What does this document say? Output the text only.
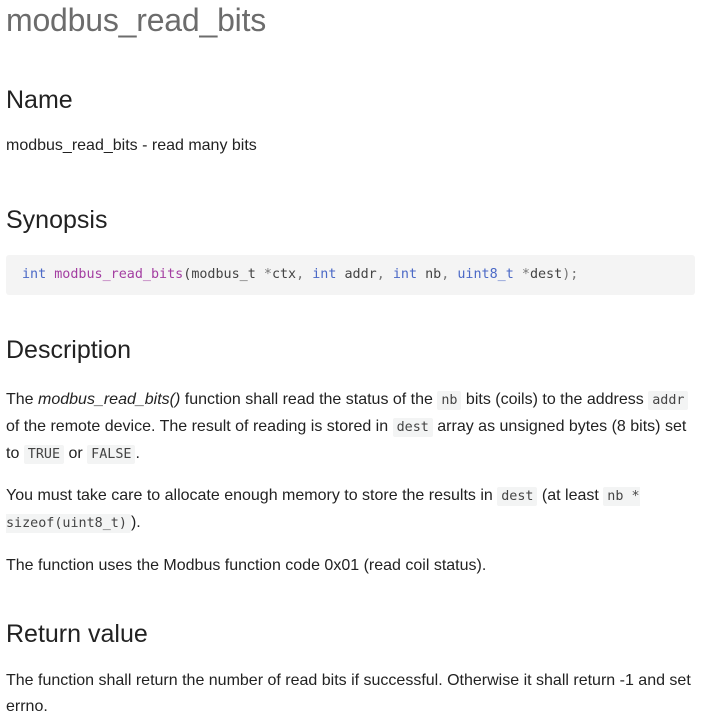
modbus_read_bits
Name

modbus_read_bits - read many bits

Synopsis
int modbus_read_bits(modbus_t *ctx, int addr, int nb, uint8_t *dest);
Description

The modbus_read_bits() function shall read the status of the nb bits (coils) to the address addr of the remote device. The result of reading is stored in dest array as unsigned bytes (8 bits) set to TRUE or FALSE .

You must take care to allocate enough memory to store the results in dest (at least nb * sizeof(uint8_t) ).

The function uses the Modbus function code 0x01 (read coil status).

Return value

The function shall return the number of read bits if successful. Otherwise it shall return -1 and set errno.
